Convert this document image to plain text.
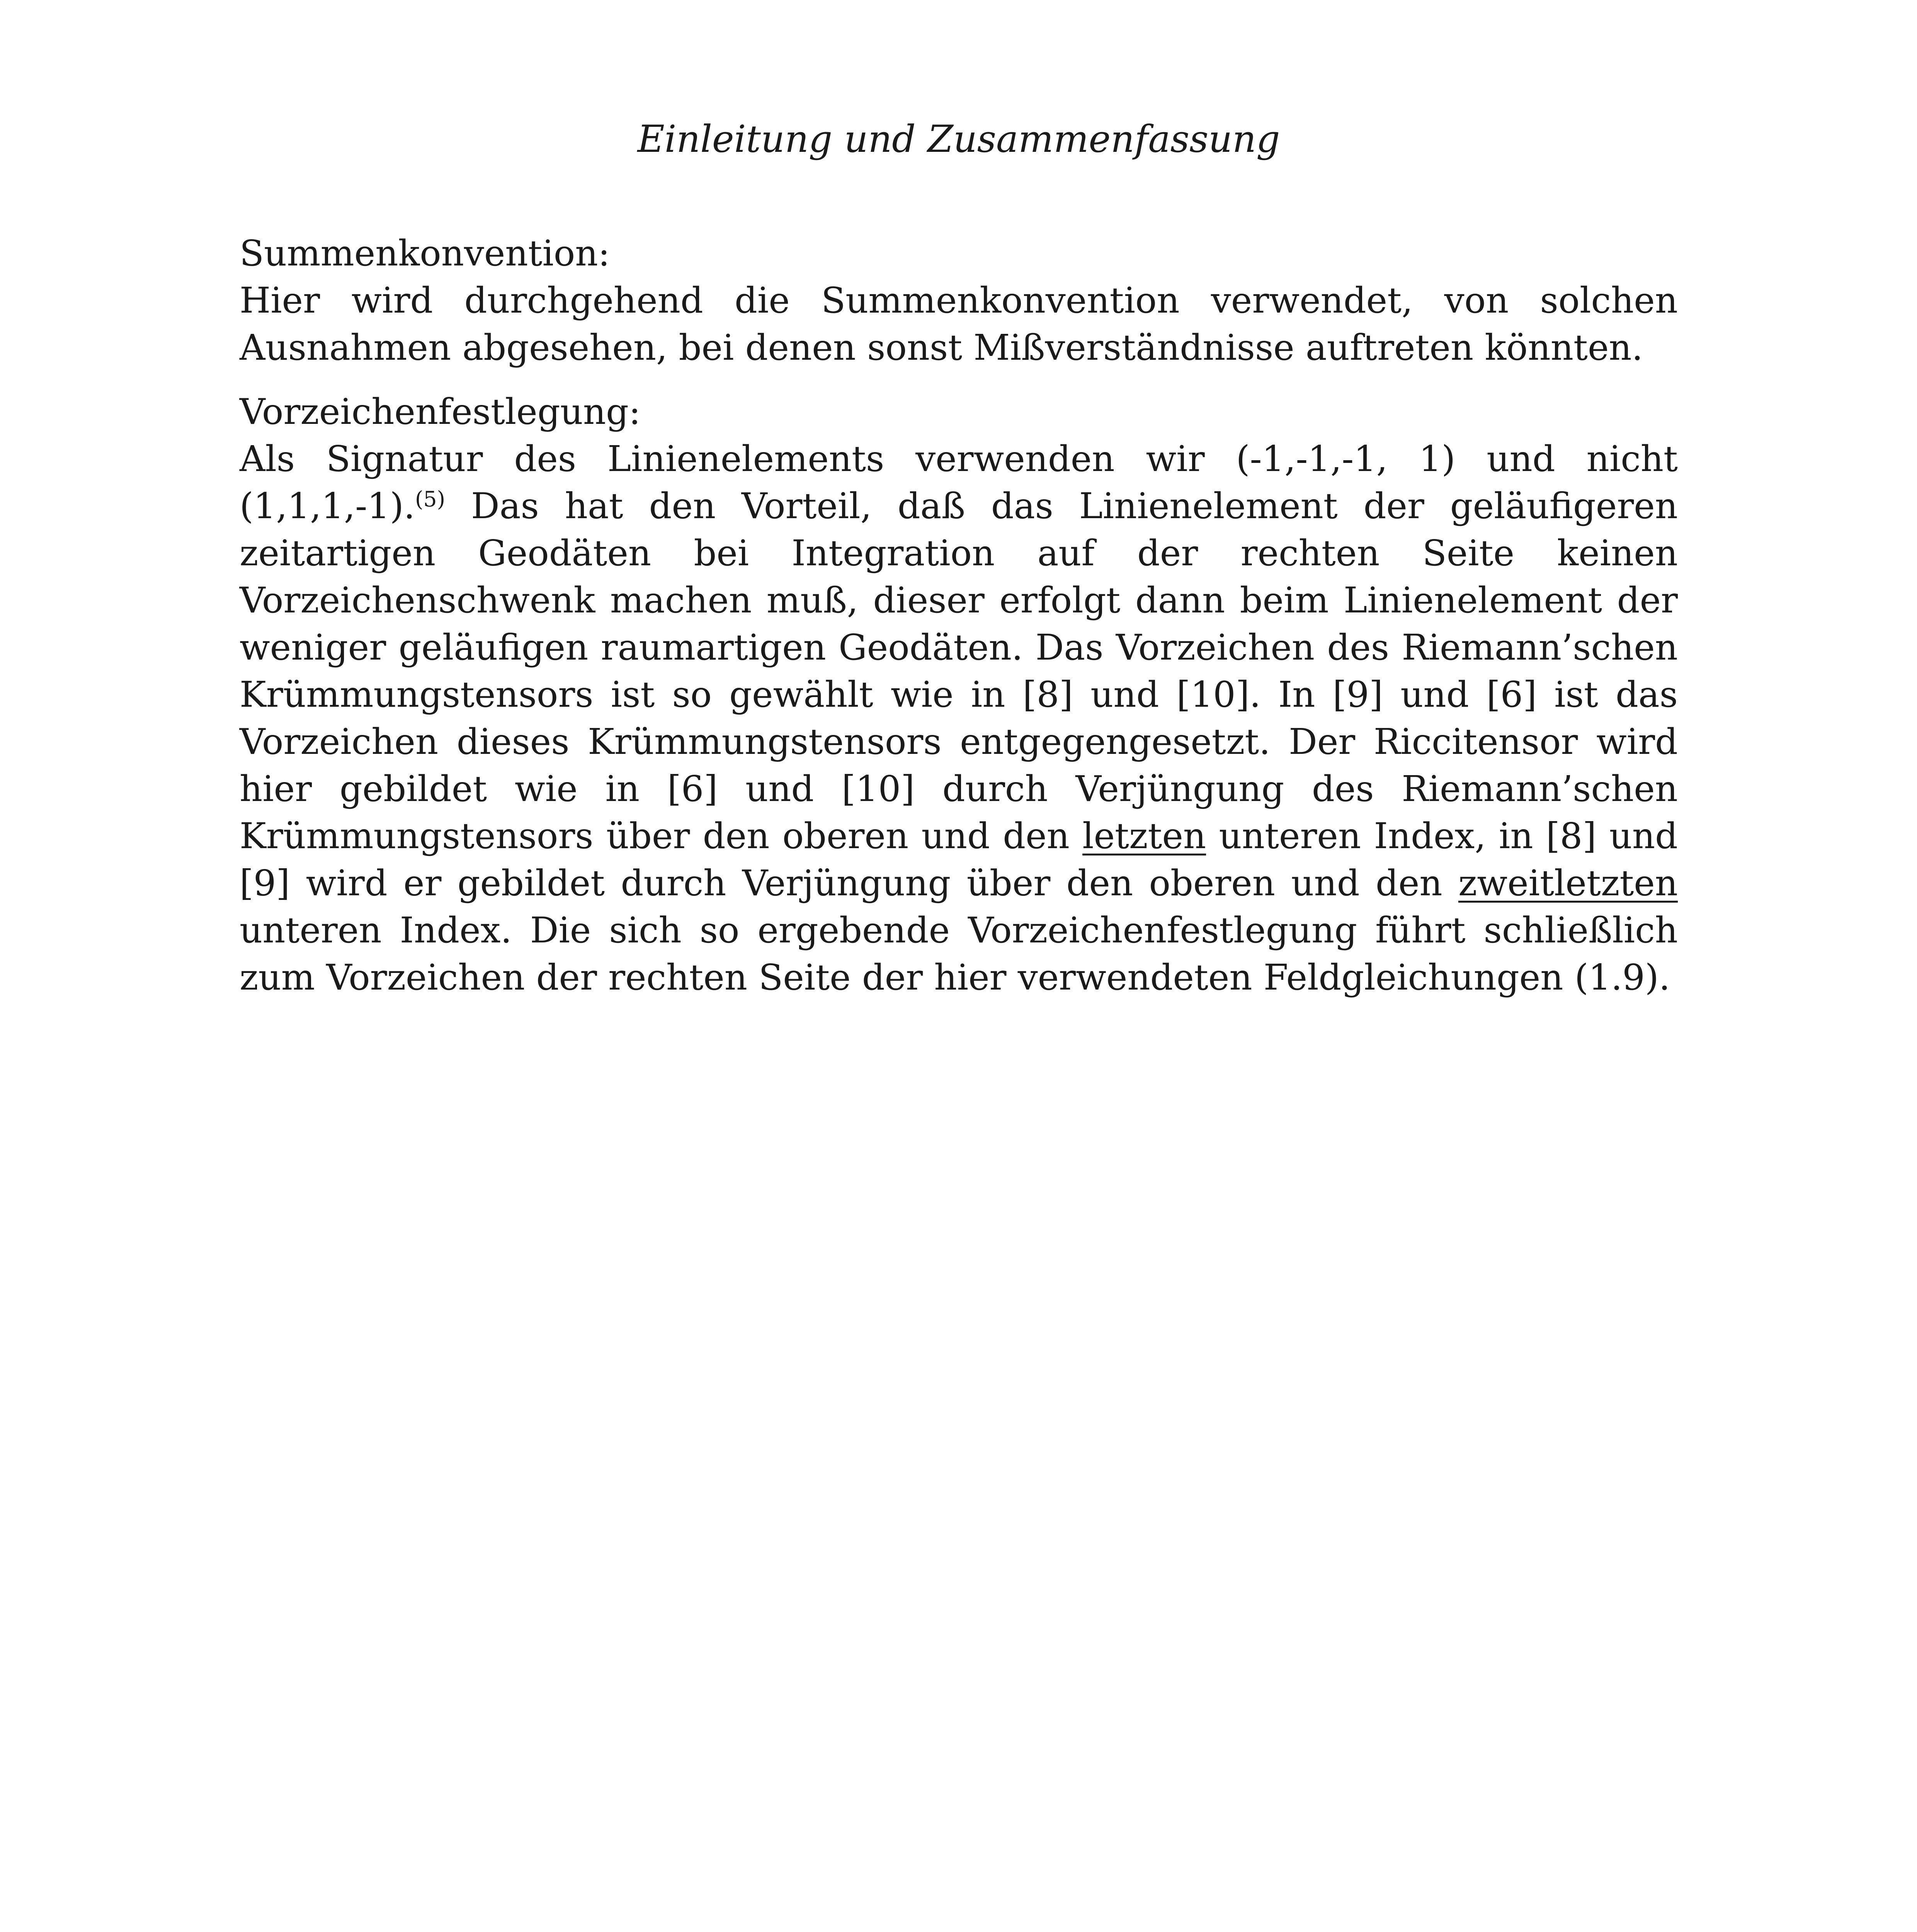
Einleitung und Zusammenfassung

Summenkonvention:
Hier wird durchgehend die Summenkonvention verwendet, von solchen Ausnahmen abgesehen, bei denen sonst Mißverständnisse auftreten könnten.

Vorzeichenfestlegung:
Als Signatur des Linienelements verwenden wir (-1,-1,-1, 1) und nicht (1,1,1,-1).$^{(5)}$ Das hat den Vorteil, daß das Linienelement der geläufigeren zeitartigen Geodäten bei Integration auf der rechten Seite keinen Vorzeichenschwenk machen muß, dieser erfolgt dann beim Linienelement der weniger geläufigen raumartigen Geodäten. Das Vorzeichen des Riemann’schen Krümmungstensors ist so gewählt wie in [8] und [10]. In [9] und [6] ist das Vorzeichen dieses Krümmungstensors entgegengesetzt. Der Riccitensor wird hier gebildet wie in [6] und [10] durch Verjüngung des Riemann’schen Krümmungstensors über den oberen und den letzten unteren Index, in [8] und [9] wird er gebildet durch Verjüngung über den oberen und den zweitletzten unteren Index. Die sich so ergebende Vorzeichenfestlegung führt schließlich zum Vorzeichen der rechten Seite der hier verwendeten Feldgleichungen (1.9).
